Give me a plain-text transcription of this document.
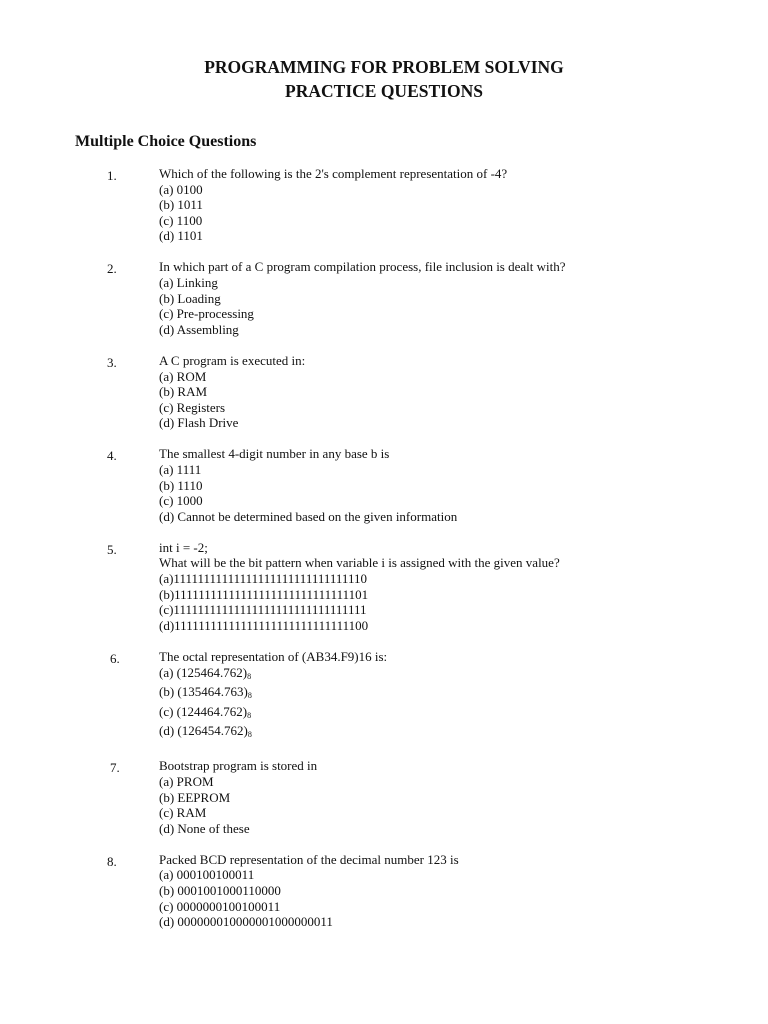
PROGRAMMING FOR PROBLEM SOLVING
PRACTICE QUESTIONS
Multiple Choice Questions
1.	Which of the following is the 2's complement representation of -4?
(a) 0100
(b) 1011
(c) 1100
(d) 1101
2.	In which part of a C program compilation process, file inclusion is dealt with?
(a) Linking
(b) Loading
(c) Pre-processing
(d) Assembling
3.	A C program is executed in:
(a) ROM
(b) RAM
(c) Registers
(d) Flash Drive
4.	The smallest 4-digit number in any base b is
(a) 1111
(b) 1110
(c) 1000
(d) Cannot be determined based on the given information
5.	int i = -2;
What will be the bit pattern when variable i is assigned with the given value?
(a)11111111111111111111111111111110
(b)11111111111111111111111111111101
(c)11111111111111111111111111111111
(d)11111111111111111111111111111100
6.	The octal representation of (AB34.F9)16 is:
(a) $(125464.762)_8$
(b) $(135464.763)_8$
(c) $(124464.762)_8$
(d) $(126454.762)_8$
7.	Bootstrap program is stored in
(a) PROM
(b) EEPROM
(c) RAM
(d) None of these
8.	Packed BCD representation of the decimal number 123 is
(a) 000100100011
(b) 0001001000110000
(c) 0000000100100011
(d) 000000010000001000000011
